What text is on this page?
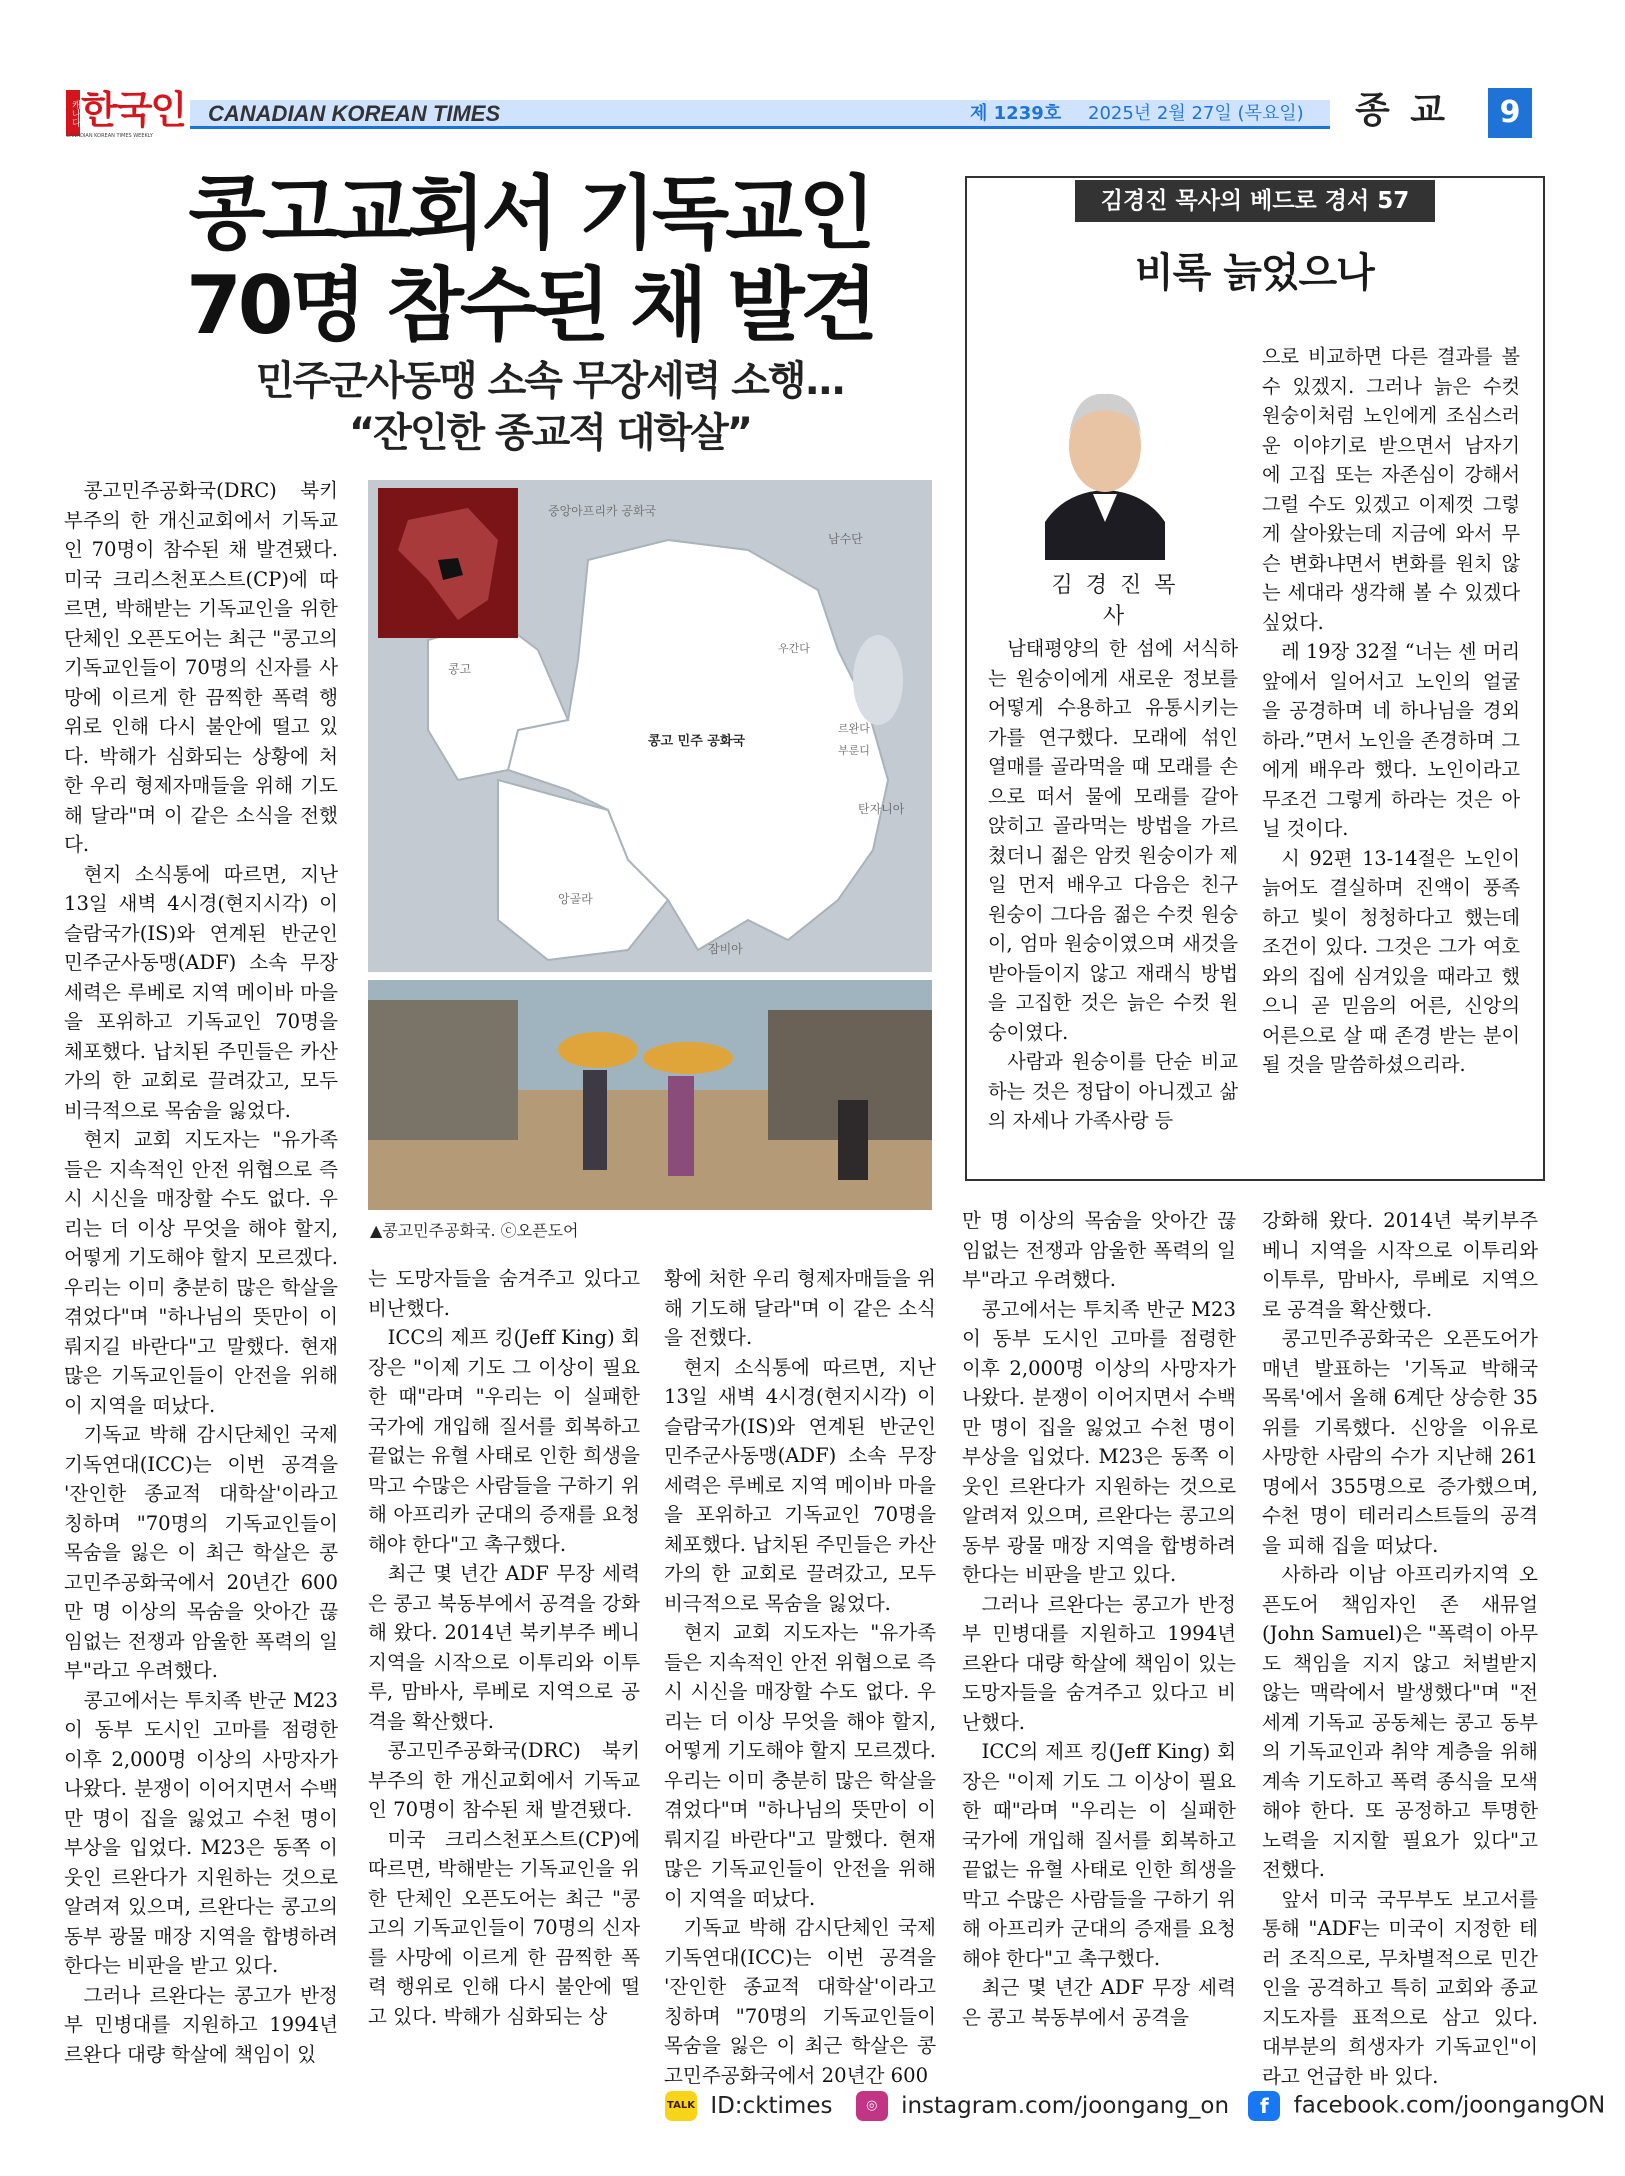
캐나다 한국인
CANADIAN KOREAN TIMES WEEKLY
CANADIAN KOREAN TIMES	제 1239호 2025년 2월 27일 (목요일) 종 교	9
콩고교회서 기독교인
70명 참수된 채 발견
민주군사동맹 소속 무장세력 소행...
“잔인한 종교적 대학살”
중앙아프리카 공화국
남수단
우간다
르완다
부룬디
탄자니아
콩고 민주 공화국
콩고
앙골라
잠비아
▲콩고민주공화국. ⓒ오픈도어

콩고민주공화국(DRC) 북키부주의 한 개신교회에서 기독교인 70명이 참수된 채 발견됐다. 미국 크리스천포스트(CP)에 따르면, 박해받는 기독교인을 위한 단체인 오픈도어는 최근 "콩고의 기독교인들이 70명의 신자를 사망에 이르게 한 끔찍한 폭력 행위로 인해 다시 불안에 떨고 있다. 박해가 심화되는 상황에 처한 우리 형제자매들을 위해 기도해 달라"며 이 같은 소식을 전했다.

현지 소식통에 따르면, 지난 13일 새벽 4시경(현지시각) 이슬람국가(IS)와 연계된 반군인 민주군사동맹(ADF) 소속 무장세력은 루베로 지역 메이바 마을을 포위하고 기독교인 70명을 체포했다. 납치된 주민들은 카산가의 한 교회로 끌려갔고, 모두 비극적으로 목숨을 잃었다.

현지 교회 지도자는 "유가족들은 지속적인 안전 위협으로 즉시 시신을 매장할 수도 없다. 우리는 더 이상 무엇을 해야 할지, 어떻게 기도해야 할지 모르겠다. 우리는 이미 충분히 많은 학살을 겪었다"며 "하나님의 뜻만이 이뤄지길 바란다"고 말했다. 현재 많은 기독교인들이 안전을 위해 이 지역을 떠났다.

기독교 박해 감시단체인 국제기독연대(ICC)는 이번 공격을 '잔인한 종교적 대학살'이라고 칭하며 "70명의 기독교인들이 목숨을 잃은 이 최근 학살은 콩고민주공화국에서 20년간 600만 명 이상의 목숨을 앗아간 끊임없는 전쟁과 암울한 폭력의 일부"라고 우려했다.

콩고에서는 투치족 반군 M23이 동부 도시인 고마를 점령한 이후 2,000명 이상의 사망자가 나왔다. 분쟁이 이어지면서 수백만 명이 집을 잃었고 수천 명이 부상을 입었다. M23은 동쪽 이웃인 르완다가 지원하는 것으로 알려져 있으며, 르완다는 콩고의 동부 광물 매장 지역을 합병하려 한다는 비판을 받고 있다.

그러나 르완다는 콩고가 반정부 민병대를 지원하고 1994년 르완다 대량 학살에 책임이 있

는 도망자들을 숨겨주고 있다고 비난했다.

ICC의 제프 킹(Jeff King) 회장은 "이제 기도 그 이상이 필요한 때"라며 "우리는 이 실패한 국가에 개입해 질서를 회복하고 끝없는 유혈 사태로 인한 희생을 막고 수많은 사람들을 구하기 위해 아프리카 군대의 증재를 요청해야 한다"고 촉구했다.

최근 몇 년간 ADF 무장 세력은 콩고 북동부에서 공격을 강화해 왔다. 2014년 북키부주 베니 지역을 시작으로 이투리와 이투루, 맘바사, 루베로 지역으로 공격을 확산했다.

콩고민주공화국(DRC) 북키부주의 한 개신교회에서 기독교인 70명이 참수된 채 발견됐다.

미국 크리스천포스트(CP)에 따르면, 박해받는 기독교인을 위한 단체인 오픈도어는 최근 "콩고의 기독교인들이 70명의 신자를 사망에 이르게 한 끔찍한 폭력 행위로 인해 다시 불안에 떨고 있다. 박해가 심화되는 상

황에 처한 우리 형제자매들을 위해 기도해 달라"며 이 같은 소식을 전했다.

현지 소식통에 따르면, 지난 13일 새벽 4시경(현지시각) 이슬람국가(IS)와 연계된 반군인 민주군사동맹(ADF) 소속 무장세력은 루베로 지역 메이바 마을을 포위하고 기독교인 70명을 체포했다. 납치된 주민들은 카산가의 한 교회로 끌려갔고, 모두 비극적으로 목숨을 잃었다.

현지 교회 지도자는 "유가족들은 지속적인 안전 위협으로 즉시 시신을 매장할 수도 없다. 우리는 더 이상 무엇을 해야 할지, 어떻게 기도해야 할지 모르겠다. 우리는 이미 충분히 많은 학살을 겪었다"며 "하나님의 뜻만이 이뤄지길 바란다"고 말했다. 현재 많은 기독교인들이 안전을 위해 이 지역을 떠났다.

기독교 박해 감시단체인 국제기독연대(ICC)는 이번 공격을 '잔인한 종교적 대학살'이라고 칭하며 "70명의 기독교인들이 목숨을 잃은 이 최근 학살은 콩고민주공화국에서 20년간 600

만 명 이상의 목숨을 앗아간 끊임없는 전쟁과 암울한 폭력의 일부"라고 우려했다.

콩고에서는 투치족 반군 M23이 동부 도시인 고마를 점령한 이후 2,000명 이상의 사망자가 나왔다. 분쟁이 이어지면서 수백만 명이 집을 잃었고 수천 명이 부상을 입었다. M23은 동쪽 이웃인 르완다가 지원하는 것으로 알려져 있으며, 르완다는 콩고의 동부 광물 매장 지역을 합병하려 한다는 비판을 받고 있다.

그러나 르완다는 콩고가 반정부 민병대를 지원하고 1994년 르완다 대량 학살에 책임이 있는 도망자들을 숨겨주고 있다고 비난했다.

ICC의 제프 킹(Jeff King) 회장은 "이제 기도 그 이상이 필요한 때"라며 "우리는 이 실패한 국가에 개입해 질서를 회복하고 끝없는 유혈 사태로 인한 희생을 막고 수많은 사람들을 구하기 위해 아프리카 군대의 증재를 요청해야 한다"고 촉구했다.

최근 몇 년간 ADF 무장 세력은 콩고 북동부에서 공격을

강화해 왔다. 2014년 북키부주 베니 지역을 시작으로 이투리와 이투루, 맘바사, 루베로 지역으로 공격을 확산했다.

콩고민주공화국은 오픈도어가 매년 발표하는 '기독교 박해국 목록'에서 올해 6계단 상승한 35위를 기록했다. 신앙을 이유로 사망한 사람의 수가 지난해 261명에서 355명으로 증가했으며, 수천 명이 테러리스트들의 공격을 피해 집을 떠났다.

사하라 이남 아프리카지역 오픈도어 책임자인 존 새뮤얼(John Samuel)은 "폭력이 아무도 책임을 지지 않고 처벌받지 않는 맥락에서 발생했다"며 "전 세계 기독교 공동체는 콩고 동부의 기독교인과 취약 계층을 위해 계속 기도하고 폭력 종식을 모색해야 한다. 또 공정하고 투명한 노력을 지지할 필요가 있다"고 전했다.

앞서 미국 국무부도 보고서를 통해 "ADF는 미국이 지정한 테러 조직으로, 무차별적으로 민간인을 공격하고 특히 교회와 종교 지도자를 표적으로 삼고 있다. 대부분의 희생자가 기독교인"이라고 언급한 바 있다.

김경진 목사의 베드로 경서 57
비록 늙었으나
김 경 진 목사

남태평양의 한 섬에 서식하는 원숭이에게 새로운 정보를 어떻게 수용하고 유통시키는가를 연구했다. 모래에 섞인 열매를 골라먹을 때 모래를 손으로 떠서 물에 모래를 갈아 앉히고 골라먹는 방법을 가르쳤더니 젊은 암컷 원숭이가 제일 먼저 배우고 다음은 친구 원숭이 그다음 젊은 수컷 원숭이, 엄마 원숭이였으며 새것을 받아들이지 않고 재래식 방법을 고집한 것은 늙은 수컷 원숭이였다.

사람과 원숭이를 단순 비교하는 것은 정답이 아니겠고 삶의 자세나 가족사랑 등

으로 비교하면 다른 결과를 볼 수 있겠지. 그러나 늙은 수컷 원숭이처럼 노인에게 조심스러운 이야기로 받으면서 남자기에 고집 또는 자존심이 강해서 그럴 수도 있겠고 이제껏 그렇게 살아왔는데 지금에 와서 무슨 변화냐면서 변화를 원치 않는 세대라 생각해 볼 수 있겠다 싶었다.

레 19장 32절 “너는 센 머리 앞에서 일어서고 노인의 얼굴을 공경하며 네 하나님을 경외하라.”면서 노인을 존경하며 그에게 배우라 했다. 노인이라고 무조건 그렇게 하라는 것은 아닐 것이다.

시 92편 13-14절은 노인이 늙어도 결실하며 진액이 풍족하고 빛이 청청하다고 했는데 조건이 있다. 그것은 그가 여호와의 집에 심겨있을 때라고 했으니 곧 믿음의 어른, 신앙의 어른으로 살 때 존경 받는 분이 될 것을 말씀하셨으리라.

TALK ID:cktimes	◎ instagram.com/joongang_on f facebook.com/joongangON
